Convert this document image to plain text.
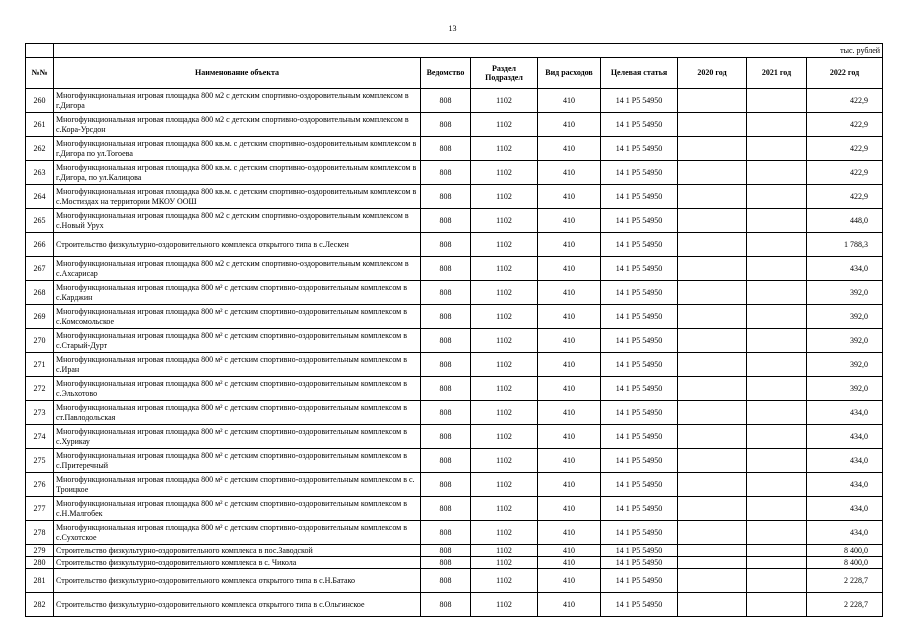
13
	тыс. рублей							
№№	Наименование объекта	Ведомство	Раздел Подраздел	Вид расходов	Целевая статья	2020 год	2021 год	2022 год
260	Многофункциональная игровая площадка 800 м2 с детским спортивно-оздоровительным комплексом в г.Дигора	808	1102	410	14 1 P5 54950			422,9
261	Многофункциональная игровая площадка 800 м2 с детским спортивно-оздоровительным комплексом в с.Кора-Урсдон	808	1102	410	14 1 P5 54950			422,9
262	Многофункциональная игровая площадка 800 кв.м. с детским спортивно-оздоровительным комплексом в г.Дигора по ул.Тогоева	808	1102	410	14 1 P5 54950			422,9
263	Многофункциональная игровая площадка 800 кв.м. с детским спортивно-оздоровительным комплексом в г.Дигора, по ул.Калицова	808	1102	410	14 1 P5 54950			422,9
264	Многофункциональная игровая площадка 800 кв.м. с детским спортивно-оздоровительным комплексом в с.Мостиздах на территории МКОУ ООШ	808	1102	410	14 1 P5 54950			422,9
265	Многофункциональная игровая площадка 800 м2 с детским спортивно-оздоровительным комплексом в с.Новый Урух	808	1102	410	14 1 P5 54950			448,0
266	Строительство физкультурно-оздоровительного комплекса открытого типа в с.Лескен	808	1102	410	14 1 P5 54950			1 788,3
267	Многофункциональная игровая площадка 800 м2 с детским спортивно-оздоровительным комплексом в с.Ахсарисар	808	1102	410	14 1 P5 54950			434,0
268	Многофункциональная игровая площадка 800 м² с детским спортивно-оздоровительным комплексом в с.Карджин	808	1102	410	14 1 P5 54950			392,0
269	Многофункциональная игровая площадка 800 м² с детским спортивно-оздоровительным комплексом в с.Комсомольское	808	1102	410	14 1 P5 54950			392,0
270	Многофункциональная игровая площадка 800 м² с детским спортивно-оздоровительным комплексом в с.Старый-Дурт	808	1102	410	14 1 P5 54950			392,0
271	Многофункциональная игровая площадка 800 м² с детским спортивно-оздоровительным комплексом в с.Иран	808	1102	410	14 1 P5 54950			392,0
272	Многофункциональная игровая площадка 800 м² с детским спортивно-оздоровительным комплексом в с.Эльхотово	808	1102	410	14 1 P5 54950			392,0
273	Многофункциональная игровая площадка 800 м² с детским спортивно-оздоровительным комплексом в ст.Павлодольская	808	1102	410	14 1 P5 54950			434,0
274	Многофункциональная игровая площадка 800 м² с детским спортивно-оздоровительным комплексом в с.Хурикау	808	1102	410	14 1 P5 54950			434,0
275	Многофункциональная игровая площадка 800 м² с детским спортивно-оздоровительным комплексом в с.Притеречный	808	1102	410	14 1 P5 54950			434,0
276	Многофункциональная игровая площадка 800 м² с детским спортивно-оздоровительным комплексом в с. Троицкое	808	1102	410	14 1 P5 54950			434,0
277	Многофункциональная игровая площадка 800 м² с детским спортивно-оздоровительным комплексом в с.Н.Малгобек	808	1102	410	14 1 P5 54950			434,0
278	Многофункциональная игровая площадка 800 м² с детским спортивно-оздоровительным комплексом в с.Сухотское	808	1102	410	14 1 P5 54950			434,0
279	Строительство физкультурно-оздоровительного комплекса в пос.Заводской	808	1102	410	14 1 P5 54950			8 400,0
280	Строительство физкультурно-оздоровительного комплекса в с. Чикола	808	1102	410	14 1 P5 54950			8 400,0
281	Строительство физкультурно-оздоровительного комплекса открытого типа в с.Н.Батако	808	1102	410	14 1 P5 54950			2 228,7
282	Строительство физкультурно-оздоровительного комплекса открытого типа в с.Ольгинское	808	1102	410	14 1 P5 54950			2 228,7
